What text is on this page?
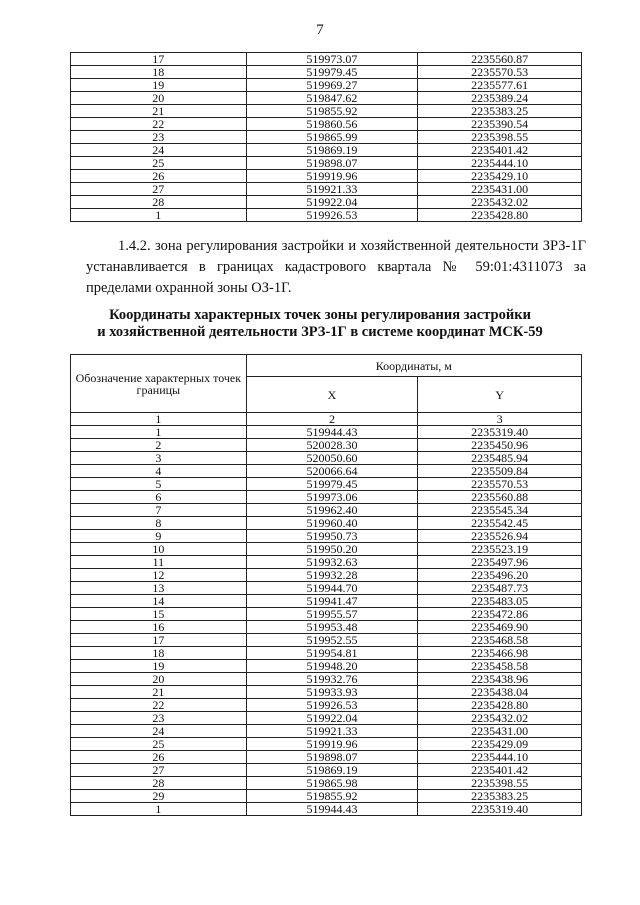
7
17	519973.07	2235560.87
18	519979.45	2235570.53
19	519969.27	2235577.61
20	519847.62	2235389.24
21	519855.92	2235383.25
22	519860.56	2235390.54
23	519865.99	2235398.55
24	519869.19	2235401.42
25	519898.07	2235444.10
26	519919.96	2235429.10
27	519921.33	2235431.00
28	519922.04	2235432.02
1	519926.53	2235428.80

1.4.2. зона регулирования застройки и хозяйственной деятельности ЗРЗ-1Г устанавливается в границах кадастрового квартала № 59:01:4311073 за пределами охранной зоны ОЗ-1Г.

Координаты характерных точек зоны регулирования застройки
и хозяйственной деятельности ЗРЗ-1Г в системе координат МСК-59
Обозначение характерных точек границы	Координаты, м	
	X	Y
1	2	3
1	519944.43	2235319.40
2	520028.30	2235450.96
3	520050.60	2235485.94
4	520066.64	2235509.84
5	519979.45	2235570.53
6	519973.06	2235560.88
7	519962.40	2235545.34
8	519960.40	2235542.45
9	519950.73	2235526.94
10	519950.20	2235523.19
11	519932.63	2235497.96
12	519932.28	2235496.20
13	519944.70	2235487.73
14	519941.47	2235483.05
15	519955.57	2235472.86
16	519953.48	2235469.90
17	519952.55	2235468.58
18	519954.81	2235466.98
19	519948.20	2235458.58
20	519932.76	2235438.96
21	519933.93	2235438.04
22	519926.53	2235428.80
23	519922.04	2235432.02
24	519921.33	2235431.00
25	519919.96	2235429.09
26	519898.07	2235444.10
27	519869.19	2235401.42
28	519865.98	2235398.55
29	519855.92	2235383.25
1	519944.43	2235319.40
